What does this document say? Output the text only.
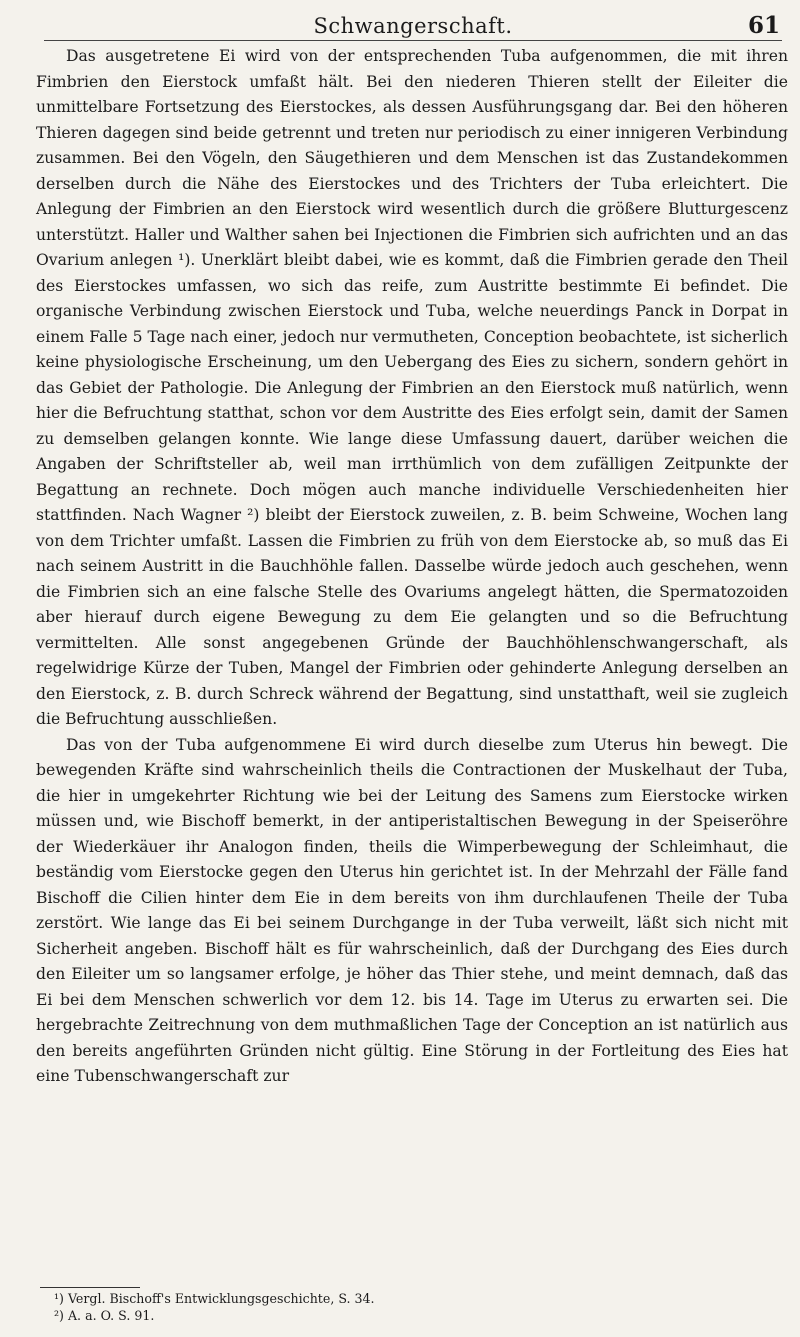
Schwangerschaft.	61

Das ausgetretene Ei wird von der entsprechenden Tuba aufgenommen, die mit ihren Fimbrien den Eierstock umfaßt hält. Bei den niederen Thieren stellt der Eileiter die unmittelbare Fortsetzung des Eierstockes, als dessen Ausführungsgang dar. Bei den höheren Thieren dagegen sind beide getrennt und treten nur periodisch zu einer innigeren Verbindung zusammen. Bei den Vögeln, den Säugethieren und dem Menschen ist das Zustandekommen derselben durch die Nähe des Eierstockes und des Trichters der Tuba erleichtert. Die Anlegung der Fimbrien an den Eierstock wird wesentlich durch die größere Blutturgescenz unterstützt. Haller und Walther sahen bei Injectionen die Fimbrien sich aufrichten und an das Ovarium anlegen ¹). Unerklärt bleibt dabei, wie es kommt, daß die Fimbrien gerade den Theil des Eierstockes umfassen, wo sich das reife, zum Austritte bestimmte Ei befindet. Die organische Verbindung zwischen Eierstock und Tuba, welche neuerdings Panck in Dorpat in einem Falle 5 Tage nach einer, jedoch nur vermutheten, Conception beobachtete, ist sicherlich keine physiologische Erscheinung, um den Uebergang des Eies zu sichern, sondern gehört in das Gebiet der Pathologie. Die Anlegung der Fimbrien an den Eierstock muß natürlich, wenn hier die Befruchtung statthat, schon vor dem Austritte des Eies erfolgt sein, damit der Samen zu demselben gelangen konnte. Wie lange diese Umfassung dauert, darüber weichen die Angaben der Schriftsteller ab, weil man irrthümlich von dem zufälligen Zeitpunkte der Begattung an rechnete. Doch mögen auch manche individuelle Verschiedenheiten hier stattfinden. Nach Wagner ²) bleibt der Eierstock zuweilen, z. B. beim Schweine, Wochen lang von dem Trichter umfaßt. Lassen die Fimbrien zu früh von dem Eierstocke ab, so muß das Ei nach seinem Austritt in die Bauchhöhle fallen. Dasselbe würde jedoch auch geschehen, wenn die Fimbrien sich an eine falsche Stelle des Ovariums angelegt hätten, die Spermatozoiden aber hierauf durch eigene Bewegung zu dem Eie gelangten und so die Befruchtung vermittelten. Alle sonst angegebenen Gründe der Bauchhöhlenschwangerschaft, als regelwidrige Kürze der Tuben, Mangel der Fimbrien oder gehinderte Anlegung derselben an den Eierstock, z. B. durch Schreck während der Begattung, sind unstatthaft, weil sie zugleich die Befruchtung ausschließen.

Das von der Tuba aufgenommene Ei wird durch dieselbe zum Uterus hin bewegt. Die bewegenden Kräfte sind wahrscheinlich theils die Contractionen der Muskelhaut der Tuba, die hier in umgekehrter Richtung wie bei der Leitung des Samens zum Eierstocke wirken müssen und, wie Bischoff bemerkt, in der antiperistaltischen Bewegung in der Speiseröhre der Wiederkäuer ihr Analogon finden, theils die Wimperbewegung der Schleimhaut, die beständig vom Eierstocke gegen den Uterus hin gerichtet ist. In der Mehrzahl der Fälle fand Bischoff die Cilien hinter dem Eie in dem bereits von ihm durchlaufenen Theile der Tuba zerstört. Wie lange das Ei bei seinem Durchgange in der Tuba verweilt, läßt sich nicht mit Sicherheit angeben. Bischoff hält es für wahrscheinlich, daß der Durchgang des Eies durch den Eileiter um so langsamer erfolge, je höher das Thier stehe, und meint demnach, daß das Ei bei dem Menschen schwerlich vor dem 12. bis 14. Tage im Uterus zu erwarten sei. Die hergebrachte Zeitrechnung von dem muthmaßlichen Tage der Conception an ist natürlich aus den bereits angeführten Gründen nicht gültig. Eine Störung in der Fortleitung des Eies hat eine Tubenschwangerschaft zur

¹) Vergl. Bischoff's Entwicklungsgeschichte, S. 34.
²) A. a. O. S. 91.
